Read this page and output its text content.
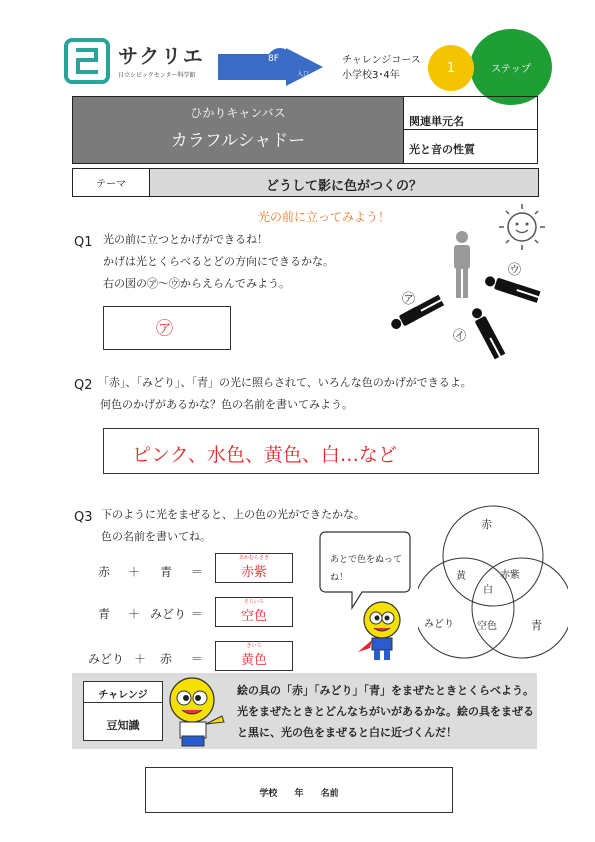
サクリエ
日立シビックセンター科学館
8F
入口
チャレンジコース
小学校3･4年
ステップ
1
ひかりキャンバス
カラフルシャドー
関連単元名
光と音の性質
テーマ	どうして影に色がつくの？
光の前に立ってみよう！
Q1 光の前に立つとかげができるね！
かげは光とくらべるとどの方向にできるかな。
右の図の㋐～㋒からえらんでみよう。
㋐
㋐
㋑
㋒
Q2 「赤」、「みどり」、「青」の光に照らされて、いろんな色のかげができるよ。
何色のかげがあるかな？色の名前を書いてみよう。
ピンク、水色、黄色、白…など
Q3 下のように光をまぜると、上の色の光ができたかな。
色の名前を書いてね。
赤 ＋ 青 ＝
あかむらさき
赤紫
青 ＋ みどり ＝
そらいろ
空色
みどり ＋ 赤 ＝
きいろ
黄色
あとで色をぬってね！
赤
みどり	青
黄	赤紫
空色
白
チャレンジ
豆知識
絵の具の「赤」「みどり」「青」をまぜたときとくらべよう。光をまぜたときとどんなちがいがあるかな。絵の具をまぜると黒に、光の色をまぜると白に近づくんだ！
学校 年 名前
